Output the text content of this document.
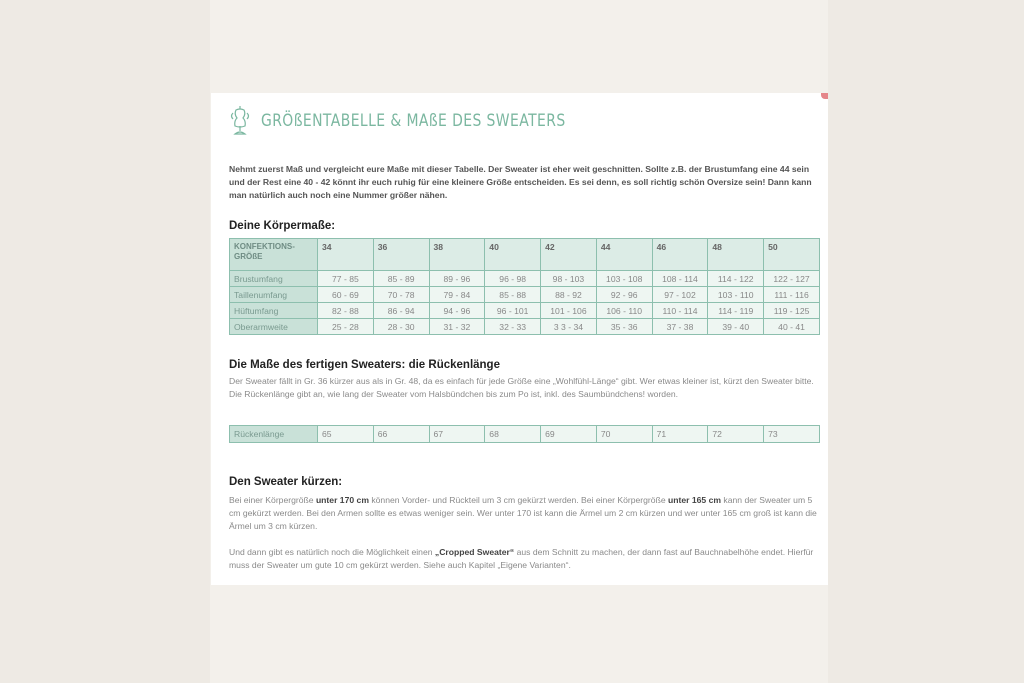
GRÖßENTABELLE & MAßE DES SWEATERS
Nehmt zuerst Maß und vergleicht eure Maße mit dieser Tabelle. Der Sweater ist eher weit geschnitten. Sollte z.B. der Brustumfang eine 44 sein und der Rest eine 40 - 42 könnt ihr euch ruhig für eine kleinere Größe entscheiden. Es sei denn, es soll richtig schön Oversize sein! Dann kann man natürlich auch noch eine Nummer größer nähen.
Deine Körpermaße:
KONFEKTIONS-
GRÖßE	34	36	38	40	42	44	46	48	50
Brustumfang	77 - 85	85 - 89	89 - 96	96 - 98	98 - 103	103 - 108	108 - 114	114 - 122	122 - 127
Taillenumfang	60 - 69	70 - 78	79 - 84	85 - 88	88 - 92	92 - 96	97 - 102	103 - 110	111 - 116
Hüftumfang	82 - 88	86 - 94	94 - 96	96 - 101	101 - 106	106 - 110	110 - 114	114 - 119	119 - 125
Oberarmweite	25 - 28	28 - 30	31 - 32	32 - 33	3 3 - 34	35 - 36	37 - 38	39 - 40	40 - 41
Die Maße des fertigen Sweaters: die Rückenlänge
Der Sweater fällt in Gr. 36 kürzer aus als in Gr. 48, da es einfach für jede Größe eine „Wohlfühl-Länge“ gibt. Wer etwas kleiner ist, kürzt den Sweater bitte. Die Rückenlänge gibt an, wie lang der Sweater vom Halsbündchen bis zum Po ist, inkl. des Saumbündchens! worden.
Rückenlänge	65	66	67	68	69	70	71	72	73
Den Sweater kürzen:
Bei einer Körpergröße unter 170 cm können Vorder- und Rückteil um 3 cm gekürzt werden. Bei einer Körpergröße unter 165 cm kann der Sweater um 5 cm gekürzt werden. Bei den Armen sollte es etwas weniger sein. Wer unter 170 ist kann die Ärmel um 2 cm kürzen und wer unter 165 cm groß ist kann die Ärmel um 3 cm kürzen.
Und dann gibt es natürlich noch die Möglichkeit einen „Cropped Sweater“ aus dem Schnitt zu machen, der dann fast auf Bauchnabelhöhe endet. Hierfür muss der Sweater um gute 10 cm gekürzt werden. Siehe auch Kapitel „Eigene Varianten“.
